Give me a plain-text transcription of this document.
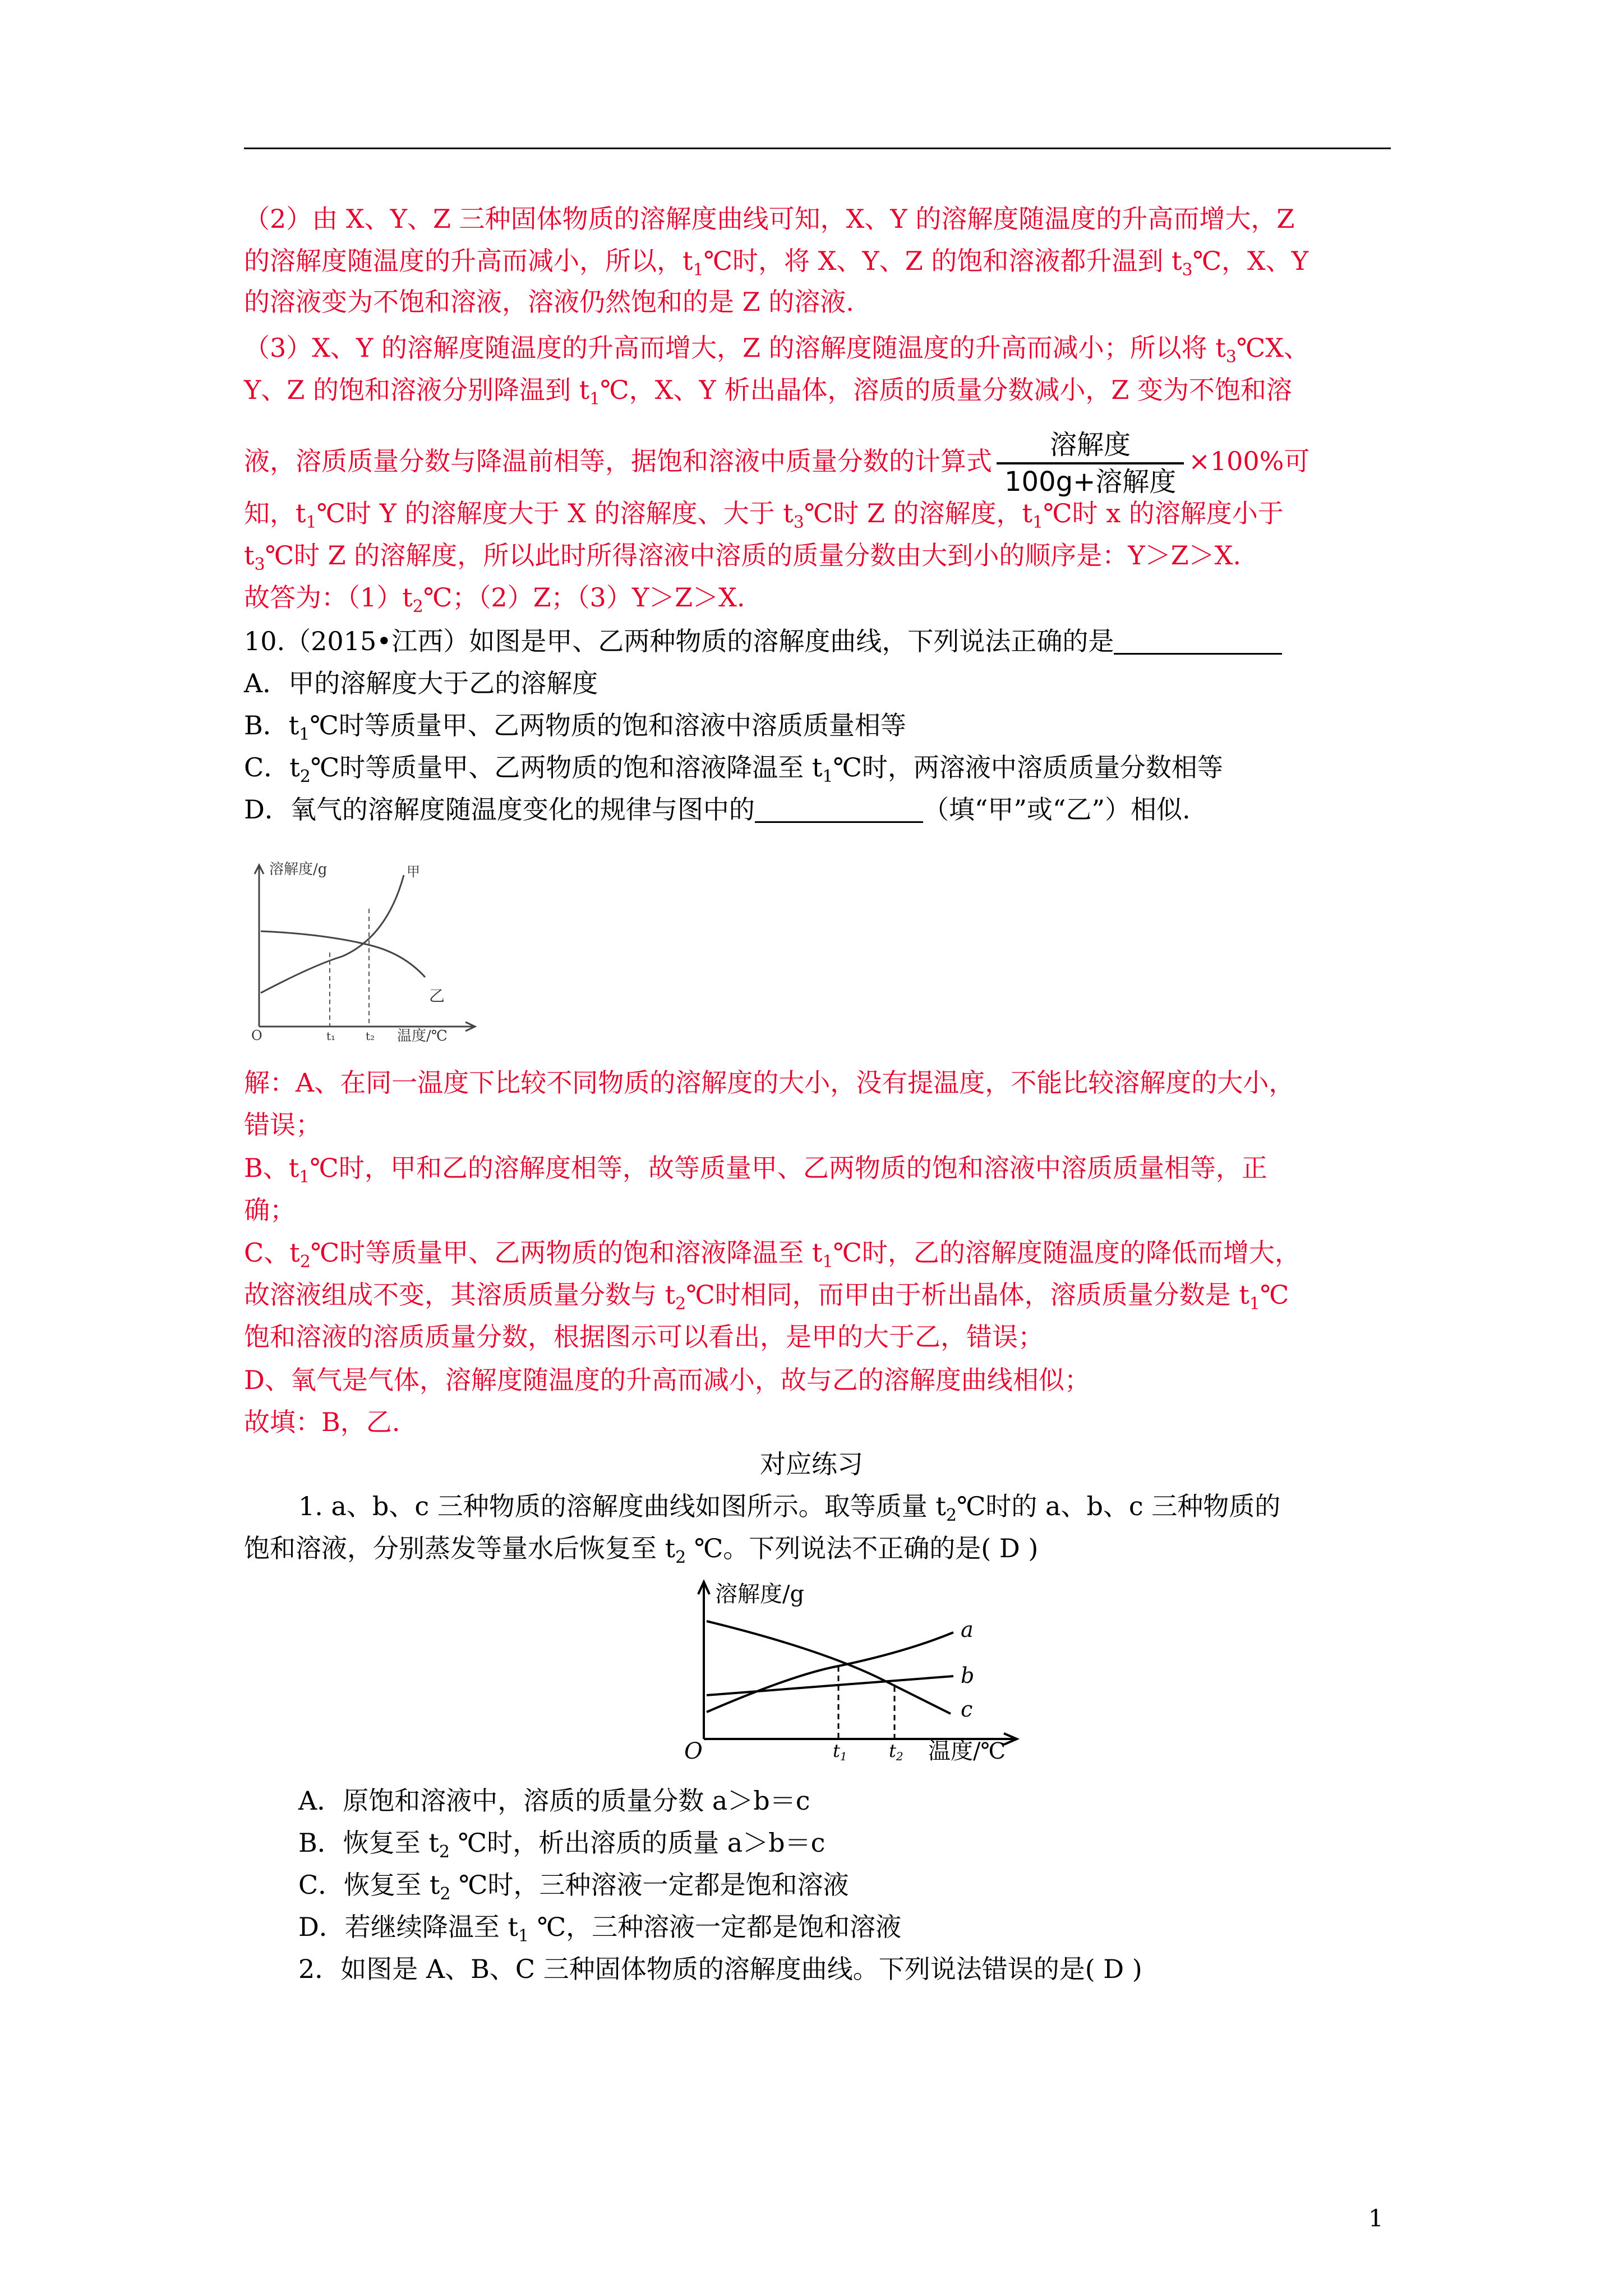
（2）由 X、Y、Z 三种固体物质的溶解度曲线可知，X、Y 的溶解度随温度的升高而增大，Z
的溶解度随温度的升高而减小，所以，$t_1℃$时，将 X、Y、Z 的饱和溶液都升温到 $t_3℃$，X、Y
的溶液变为不饱和溶液，溶液仍然饱和的是 Z 的溶液.
（3）X、Y 的溶解度随温度的升高而增大，Z 的溶解度随温度的升高而减小；所以将 $t_3℃X$、
Y、Z 的饱和溶液分别降温到 $t_1℃$，X、Y 析出晶体，溶质的质量分数减小，Z 变为不饱和溶
液，溶质质量分数与降温前相等，据饱和溶液中质量分数的计算式 $\frac{\text{溶解度}}{\text{100g+溶解度}} \times 100\%$可
知，$t_1℃$时 Y 的溶解度大于 X 的溶解度、大于 $t_3℃$时 Z 的溶解度，$t_1℃$时 x 的溶解度小于
$t_3℃$时 Z 的溶解度，所以此时所得溶液中溶质的质量分数由大到小的顺序是：Y＞Z＞X.
故答为：$(1)t_2℃$；（2）Z；（3）Y＞Z＞X.
10.（2015•江西）如图是甲、乙两种物质的溶解度曲线，下列说法正确的是
A．甲的溶解度大于乙的溶解度
B．$t_1℃$时等质量甲、乙两物质的饱和溶液中溶质质量相等
C．$t_2℃$时等质量甲、乙两物质的饱和溶液降温至 $t_1℃$时，两溶液中溶质质量分数相等
D．氧气的溶解度随温度变化的规律与图中的	（填“甲”或“乙”）相似.
溶解度/g
温度/℃
O	t₁	t₂
甲
乙
解：A、在同一温度下比较不同物质的溶解度的大小，没有提温度，不能比较溶解度的大小，
错误；
B、$t_1℃$时，甲和乙的溶解度相等，故等质量甲、乙两物质的饱和溶液中溶质质量相等，正
确；
C、$t_2℃$时等质量甲、乙两物质的饱和溶液降温至 $t_1℃$时，乙的溶解度随温度的降低而增大，
故溶液组成不变，其溶质质量分数与 $t_2℃$时相同，而甲由于析出晶体，溶质质量分数是 $t_1℃$
饱和溶液的溶质质量分数，根据图示可以看出，是甲的大于乙，错误；
D、氧气是气体，溶解度随温度的升高而减小，故与乙的溶解度曲线相似；
故填：B，乙.
对应练习
1. a、b、c 三种物质的溶解度曲线如图所示。取等质量 $t_2℃$时的 a、b、c 三种物质的
饱和溶液，分别蒸发等量水后恢复至 $t_2$ ℃。下列说法不正确的是( D )
溶解度/g
温度/℃
O	t1 t2
a
b
c
A．原饱和溶液中，溶质的质量分数 a＞b＝c
B．恢复至 $t_2$ ℃时，析出溶质的质量 a＞b＝c
C．恢复至 $t_2$ ℃时，三种溶液一定都是饱和溶液
D．若继续降温至 $t_1$ ℃，三种溶液一定都是饱和溶液
2．如图是 A、B、C 三种固体物质的溶解度曲线。下列说法错误的是( D )
1
